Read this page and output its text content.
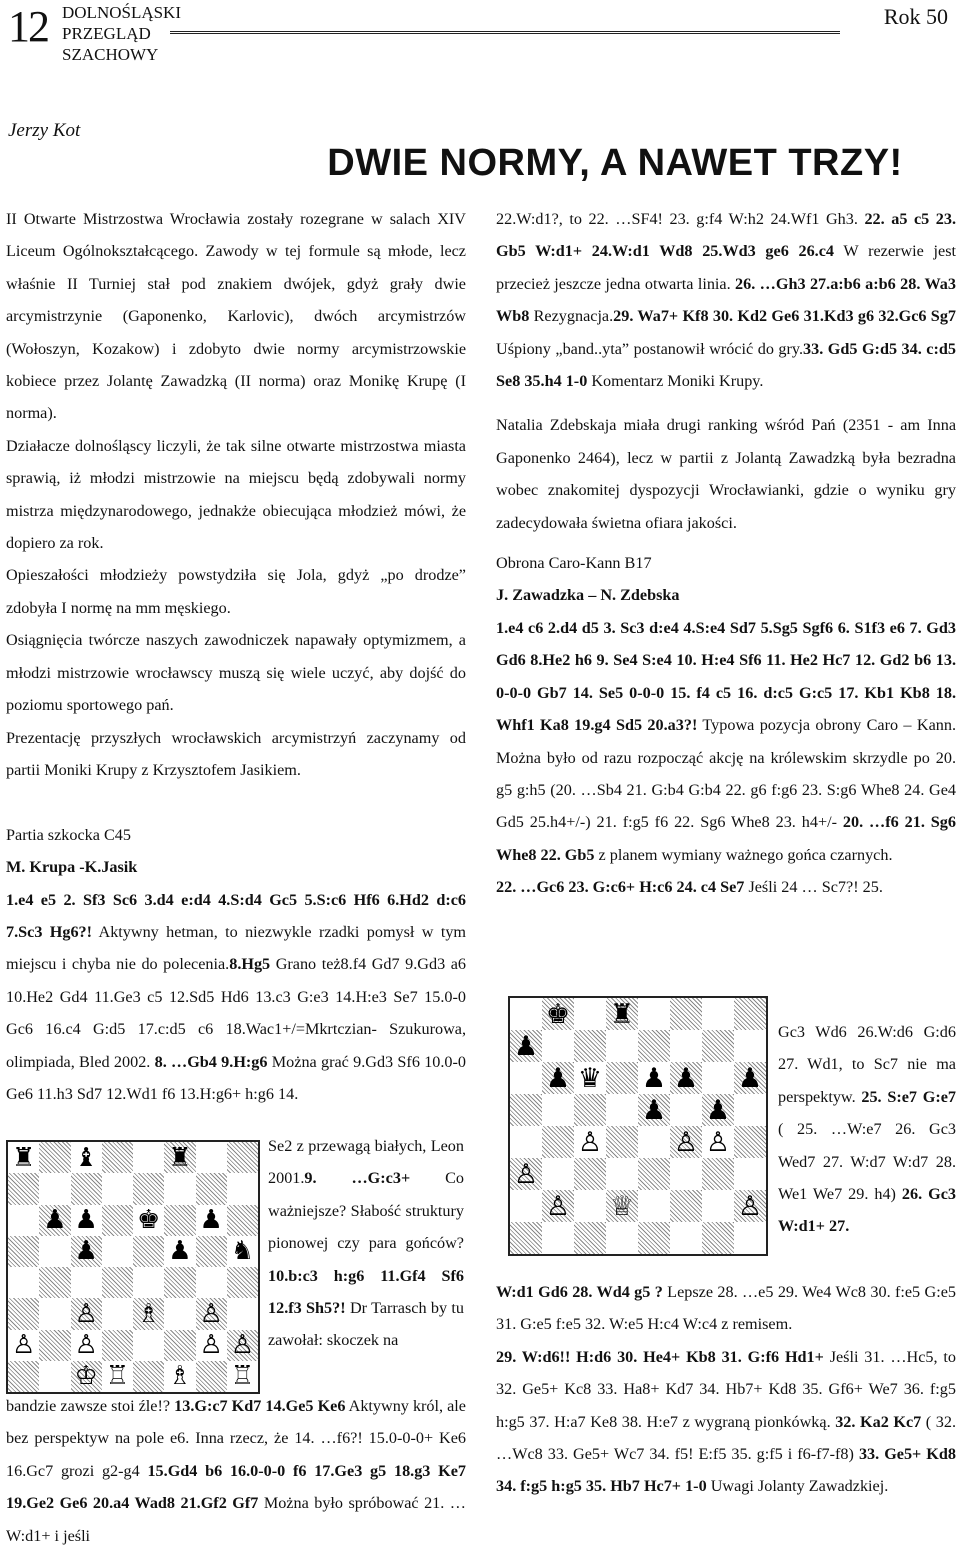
12 DOLNOŚLĄSKI
PRZEGLĄD
SZACHOWY
Rok 50
Jerzy Kot
DWIE NORMY, A NAWET TRZY!

II Otwarte Mistrzostwa Wrocławia zostały rozegrane w salach XIV Liceum Ogólnokształcącego. Zawody w tej formule są młode, lecz właśnie II Turniej stał pod znakiem dwójek, gdyż grały dwie arcymistrzynie (Gaponenko, Karlovic), dwóch arcymistrzów (Wołoszyn, Kozakow) i zdobyto dwie normy arcymistrzowskie kobiece przez Jolantę Zawadzką (II norma) oraz Monikę Krupę (I norma).

Działacze dolnośląscy liczyli, że tak silne otwarte mistrzostwa miasta sprawią, iż młodzi mistrzowie na miejscu będą zdobywali normy mistrza międzynarodowego, jednakże obiecująca młodzież mówi, że dopiero za rok.

Opieszałości młodzieży powstydziła się Jola, gdyż „po drodze” zdobyła I normę na mm męskiego.

Osiągnięcia twórcze naszych zawodniczek napawały optymizmem, a młodzi mistrzowie wrocławscy muszą się wiele uczyć, aby dojść do poziomu sportowego pań.

Prezentację przyszłych wrocławskich arcymistrzyń zaczynamy od partii Moniki Krupy z Krzysztofem Jasikiem.

Partia szkocka C45

M. Krupa -K.Jasik

1.e4 e5 2. Sf3 Sc6 3.d4 e:d4 4.S:d4 Gc5 5.S:c6 Hf6 6.Hd2 d:c6 7.Sc3 Hg6?! Aktywny hetman, to niezwykle rzadki pomysł w tym miejscu i chyba nie do polecenia.8.Hg5 Grano też8.f4 Gd7 9.Gd3 a6 10.He2 Gd4 11.Ge3 c5 12.Sd5 Hd6 13.c3 G:e3 14.H:e3 Se7 15.0-0 Gc6 16.c4 G:d5 17.c:d5 c6 18.Wac1+/=Mkrtczian- Szukurowa, olimpiada, Bled 2002. 8. …Gb4 9.H:g6 Można grać 9.Gd3 Sf6 10.0-0 Ge6 11.h3 Sd7 12.Wd1 f6 13.H:g6+ h:g6 14.

♜ ♝	♜
♟ ♟ ♚ ♟
♟	♟ ♞
♙ ♗ ♙
♙ ♙	♙ ♙
♔ ♖ ♗ ♖
Se2 z przewagą białych, Leon 2001.9. …G:c3+ Co ważniejsze? Słabość struktury pionowej czy para gońców?10.b:c3 h:g6 11.Gf4 Sf6 12.f3 Sh5?! Dr Tarrasch by tu zawołał: skoczek na

bandzie zawsze stoi źle!? 13.G:c7 Kd7 14.Ge5 Ke6 Aktywny król, ale bez perspektyw na pole e6. Inna rzecz, że 14. …f6?! 15.0-0-0+ Ke6 16.Gc7 grozi g2-g4 15.Gd4 b6 16.0-0-0 f6 17.Ge3 g5 18.g3 Ke7 19.Ge2 Ge6 20.a4 Wad8 21.Gf2 Gf7 Można było spróbować 21. …W:d1+ i jeśli

22.W:d1?, to 22. …SF4! 23. g:f4 W:h2 24.Wf1 Gh3. 22. a5 c5 23. Gb5 W:d1+ 24.W:d1 Wd8 25.Wd3 ge6 26.c4 W rezerwie jest przecież jeszcze jedna otwarta linia. 26. …Gh3 27.a:b6 a:b6 28. Wa3 Wb8 Rezygnacja.29. Wa7+ Kf8 30. Kd2 Ge6 31.Kd3 g6 32.Gc6 Sg7 Uśpiony „band..yta” postanowił wrócić do gry.33. Gd5 G:d5 34. c:d5 Se8 35.h4 1-0 Komentarz Moniki Krupy.

Natalia Zdebskaja miała drugi ranking wśród Pań (2351 - am Inna Gaponenko 2464), lecz w partii z Jolantą Zawadzką była bezradna wobec znakomitej dyspozycji Wrocławianki, gdzie o wyniku gry zadecydowała świetna ofiara jakości.

Obrona Caro-Kann B17

J. Zawadzka – N. Zdebska

1.e4 c6 2.d4 d5 3. Sc3 d:e4 4.S:e4 Sd7 5.Sg5 Sgf6 6. S1f3 e6 7. Gd3 Gd6 8.He2 h6 9. Se4 S:e4 10. H:e4 Sf6 11. He2 Hc7 12. Gd2 b6 13. 0-0-0 Gb7 14. Se5 0-0-0 15. f4 c5 16. d:c5 G:c5 17. Kb1 Kb8 18. Whf1 Ka8 19.g4 Sd5 20.a3?! Typowa pozycja obrony Caro – Kann. Można było od razu rozpocząć akcję na królewskim skrzydle po 20. g5 g:h5 (20. …Sb4 21. G:b4 G:b4 22. g6 f:g6 23. S:g6 Whe8 24. Ge4 Gd5 25.h4+/-) 21. f:g5 f6 22. Sg6 Whe8 23. h4+/- 20. …f6 21. Sg6 Whe8 22. Gb5 z planem wymiany ważnego gońca czarnych.

22. …Gc6 23. G:c6+ H:c6 24. c4 Se7 Jeśli 24 … Sc7?! 25.

♚ ♜
♟
♟ ♛ ♟ ♟ ♟
♟ ♟
♙	♙ ♙
♙
♙ ♕	♙
Gc3 Wd6 26.W:d6 G:d6 27. Wd1, to Sc7 nie ma perspektyw. 25. S:e7 G:e7 ( 25. …W:e7 26. Gc3 Wed7 27. W:d7 W:d7 28. We1 We7 29. h4) 26. Gc3 W:d1+ 27.

W:d1 Gd6 28. Wd4 g5 ? Lepsze 28. …e5 29. We4 Wc8 30. f:e5 G:e5 31. G:e5 f:e5 32. W:e5 H:c4 W:c4 z remisem.

29. W:d6!! H:d6 30. He4+ Kb8 31. G:f6 Hd1+ Jeśli 31. …Hc5, to 32. Ge5+ Kc8 33. Ha8+ Kd7 34. Hb7+ Kd8 35. Gf6+ We7 36. f:g5 h:g5 37. H:a7 Ke8 38. H:e7 z wygraną pionkówką. 32. Ka2 Kc7 ( 32. …Wc8 33. Ge5+ Wc7 34. f5! E:f5 35. g:f5 i f6-f7-f8) 33. Ge5+ Kd8 34. f:g5 h:g5 35. Hb7 Hc7+ 1-0 Uwagi Jolanty Zawadzkiej.
